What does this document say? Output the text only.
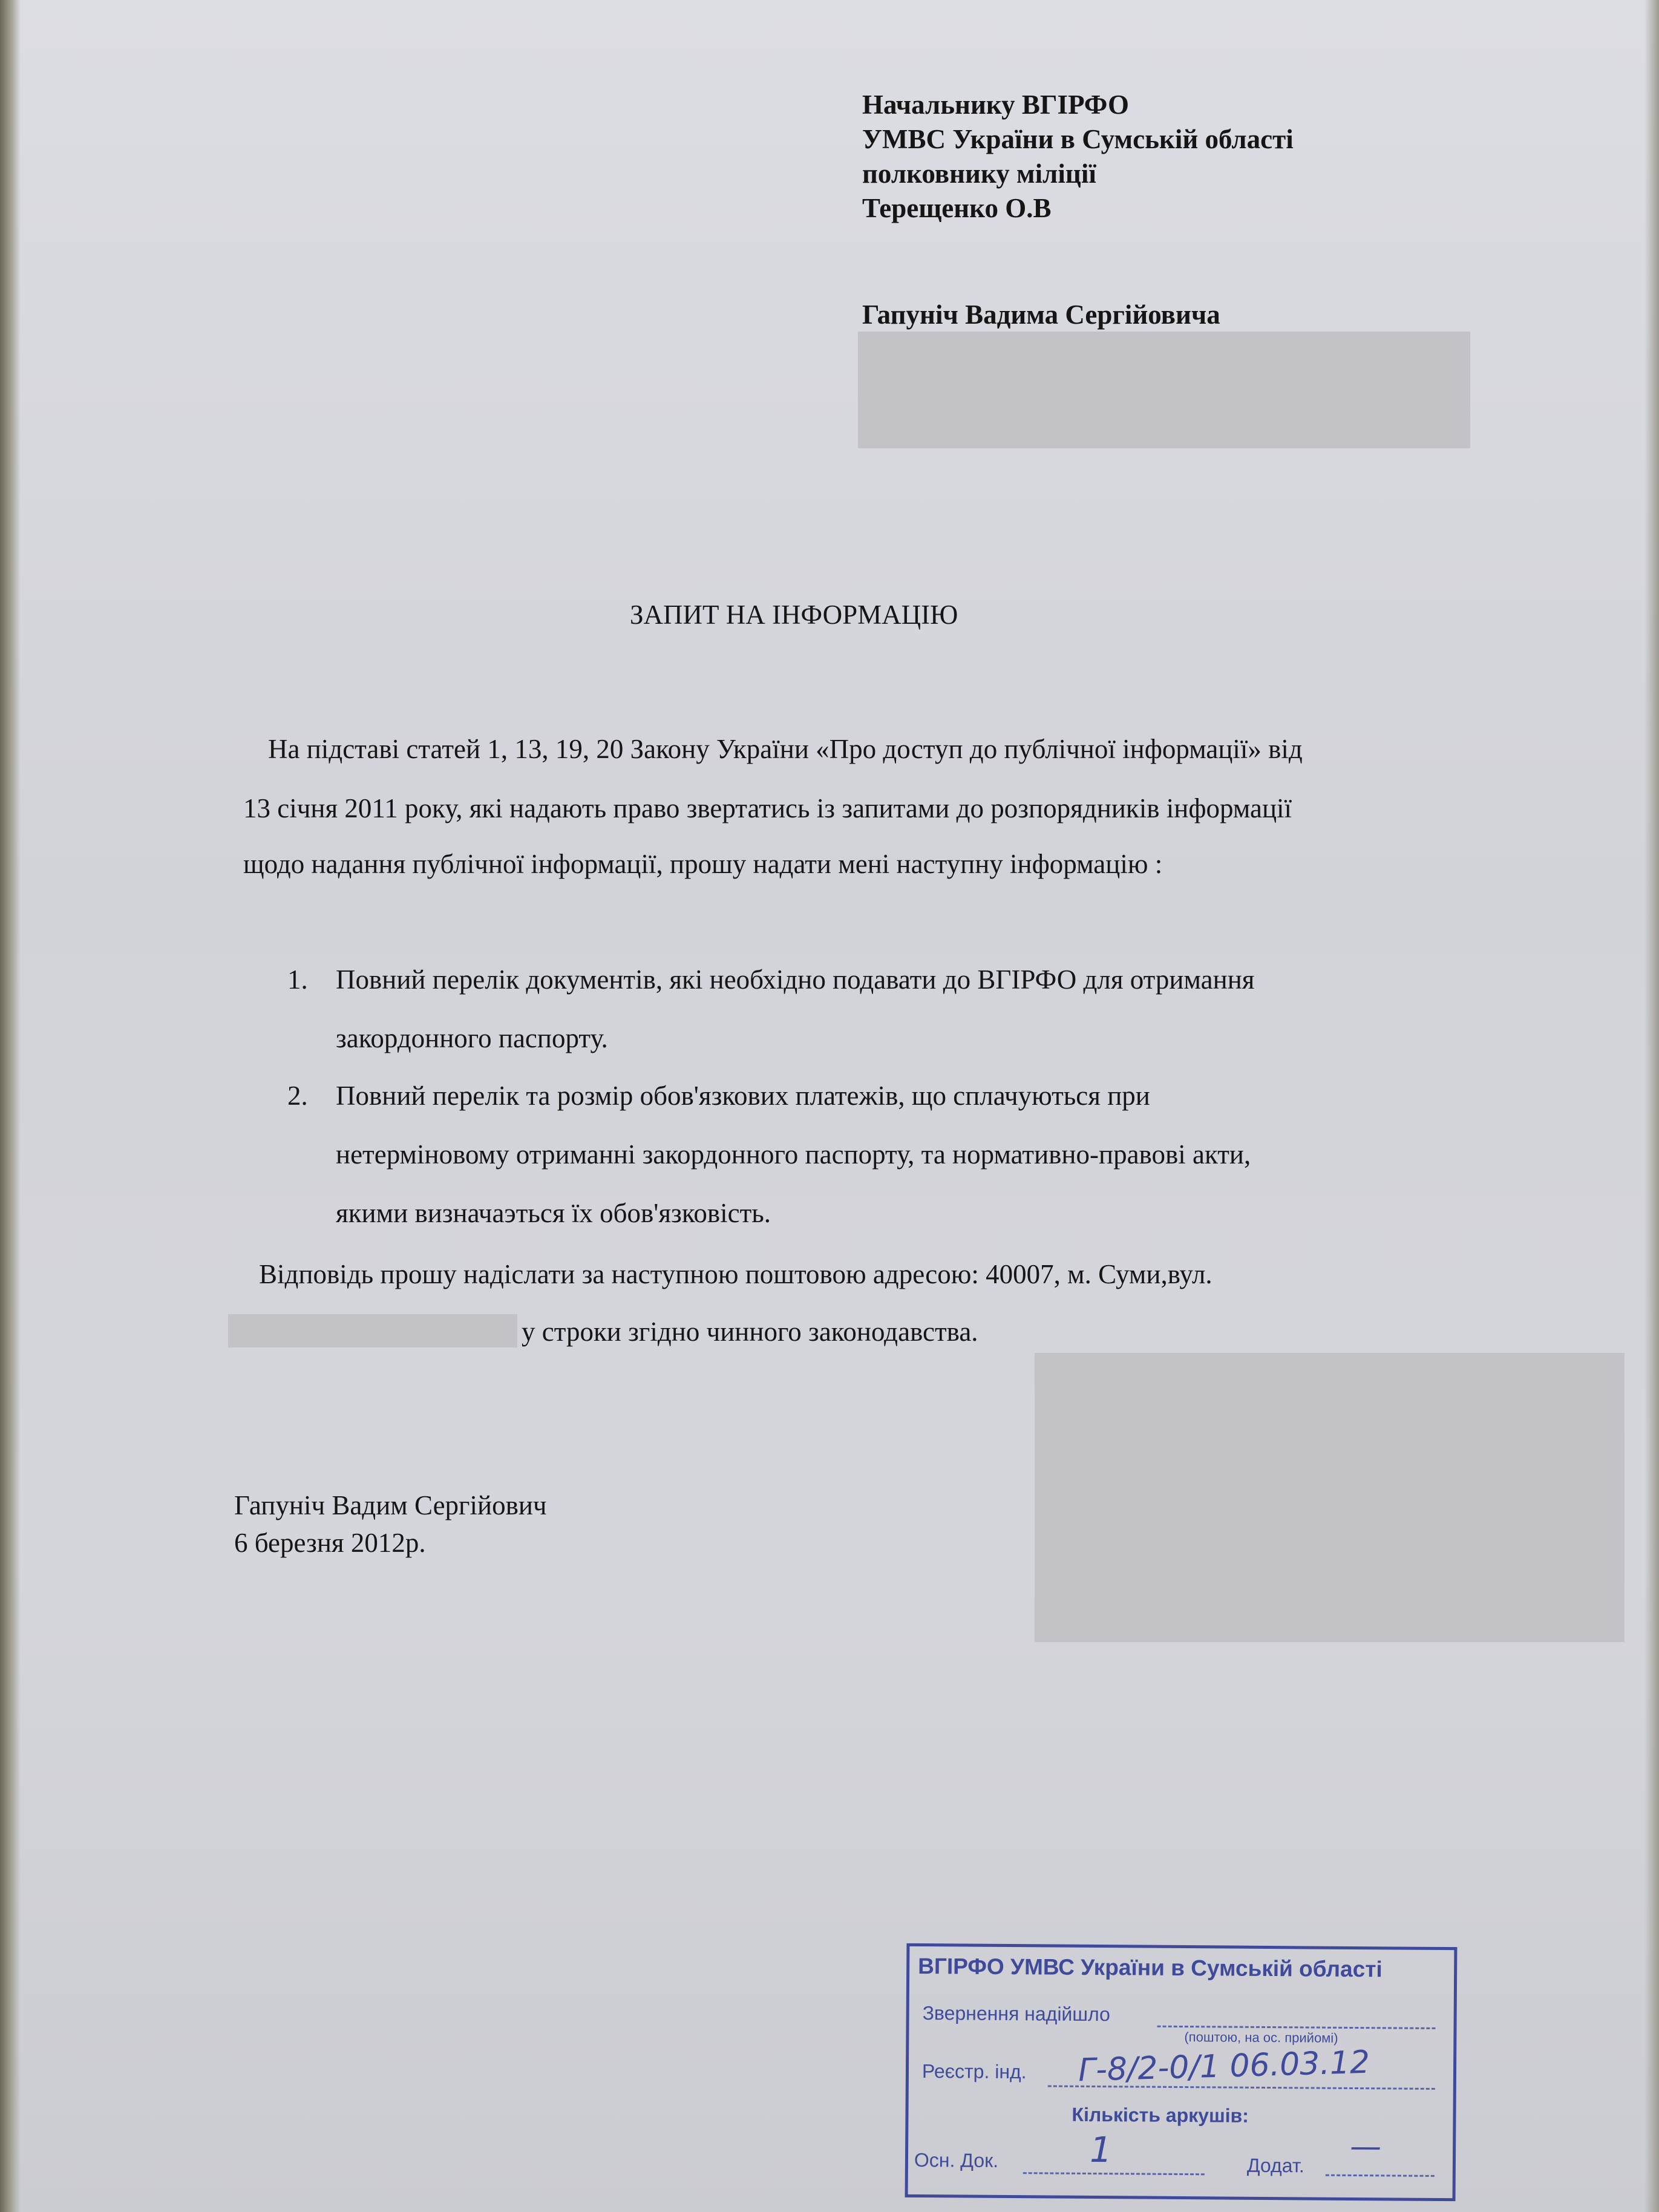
Начальнику ВГІРФО
УМВС України в Сумській області
полковнику міліції
Терещенко О.В
Гапуніч Вадима Сергійовича
ЗАПИТ НА ІНФОРМАЦІЮ
На підставі статей 1, 13, 19, 20 Закону України «Про доступ до публічної інформації» від
13 січня 2011 року, які надають право звертатись із запитами до розпорядників інформації
щодо надання публічної інформації, прошу надати мені наступну інформацію :
1. Повний перелік документів, які необхідно подавати до ВГІРФО для отримання
закордонного паспорту.
2. Повний перелік та розмір обов'язкових платежів, що сплачуються при
нетерміновому отриманні закордонного паспорту, та нормативно-правові акти,
якими визначаэться їх обов'язковість.
Відповідь прошу надіслати за наступною поштовою адресою: 40007, м. Суми,вул.
у строки згідно чинного законодавства.
Гапуніч Вадим Сергійович
6 березня 2012р.
ВГІРФО УМВС України в Сумській області
Звернення надійшло
(поштою, на ос. прийомі)
Реєстр. інд. Г-8/2-0/1 06.03.12
Кількість аркушів:
Осн. Док.	1	Додат.
—
